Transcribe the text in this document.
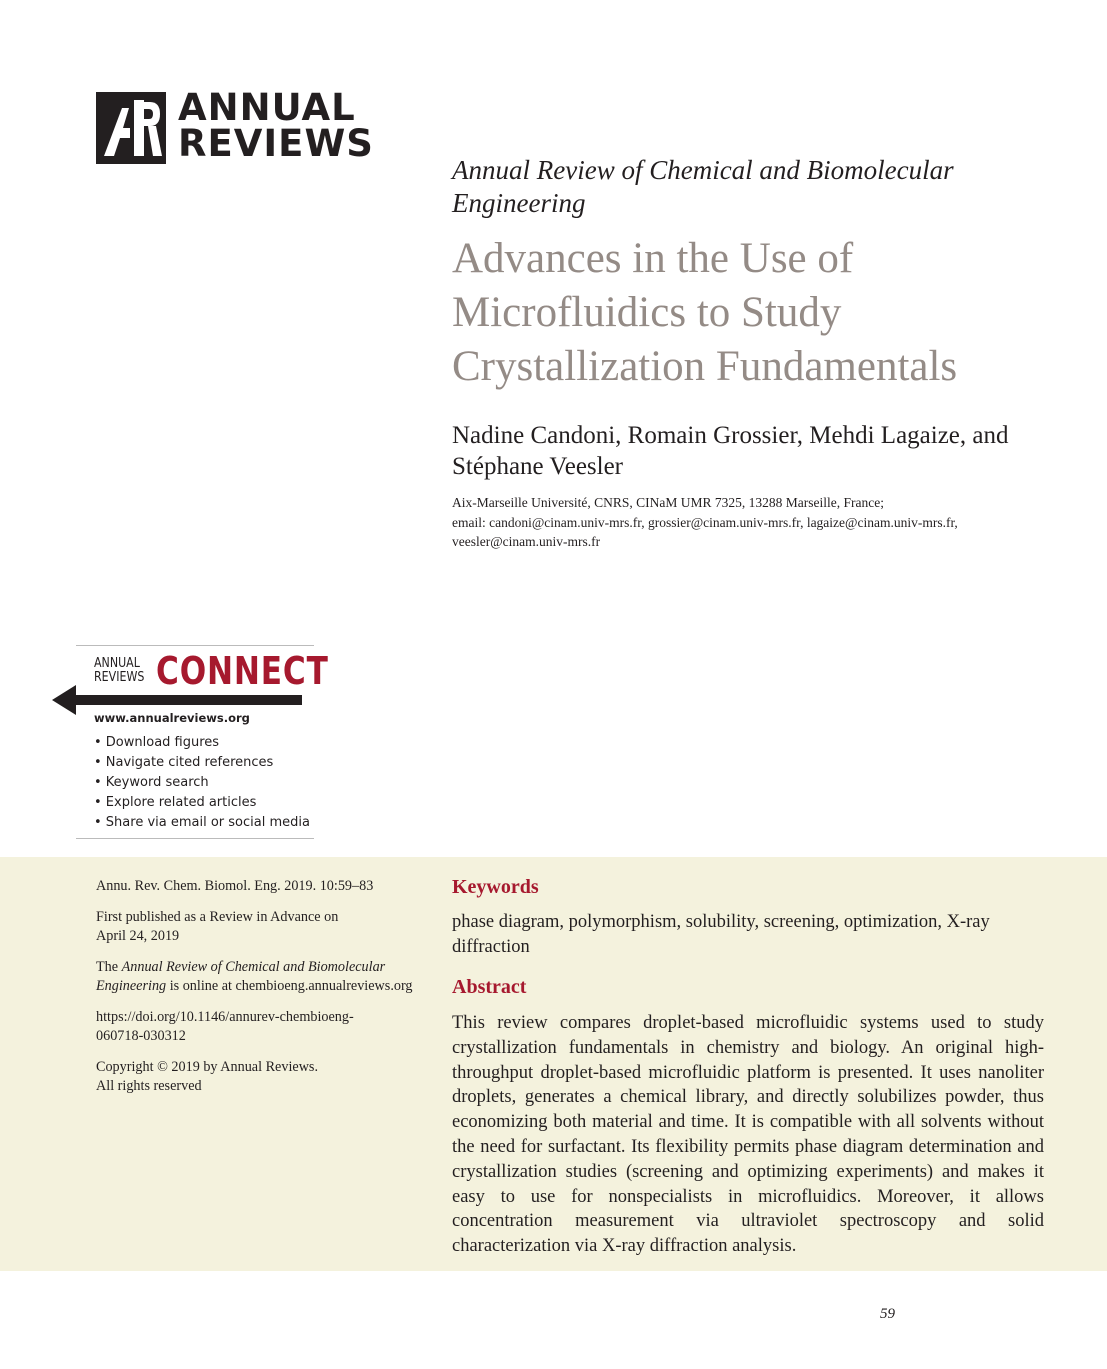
ANNUAL
REVIEWS
Annual Review of Chemical and Biomolecular Engineering
Advances in the Use of Microfluidics to Study Crystallization Fundamentals
Nadine Candoni, Romain Grossier, Mehdi Lagaize, and Stéphane Veesler
Aix-Marseille Université, CNRS, CINaM UMR 7325, 13288 Marseille, France;
email: candoni@cinam.univ-mrs.fr, grossier@cinam.univ-mrs.fr, lagaize@cinam.univ-mrs.fr,
veesler@cinam.univ-mrs.fr
ANNUAL
REVIEWS CONNECT
www.annualreviews.org
• Download figures
• Navigate cited references
• Keyword search
• Explore related articles
• Share via email or social media

Annu. Rev. Chem. Biomol. Eng. 2019. 10:59–83

First published as a Review in Advance on
April 24, 2019

The Annual Review of Chemical and Biomolecular Engineering is online at chembioeng.annualreviews.org

https://doi.org/10.1146/annurev-chembioeng-
060718-030312

Copyright © 2019 by Annual Reviews.
All rights reserved

Keywords
phase diagram, polymorphism, solubility, screening, optimization, X-ray diffraction
Abstract
This review compares droplet-based microfluidic systems used to study crystallization fundamentals in chemistry and biology. An original high-throughput droplet-based microfluidic platform is presented. It uses nanoliter droplets, generates a chemical library, and directly solubilizes powder, thus economizing both material and time. It is compatible with all solvents without the need for surfactant. Its flexibility permits phase diagram determination and crystallization studies (screening and optimizing experiments) and makes it easy to use for nonspecialists in microfluidics. Moreover, it allows concentration measurement via ultraviolet spectroscopy and solid characterization via X-ray diffraction analysis.
59
